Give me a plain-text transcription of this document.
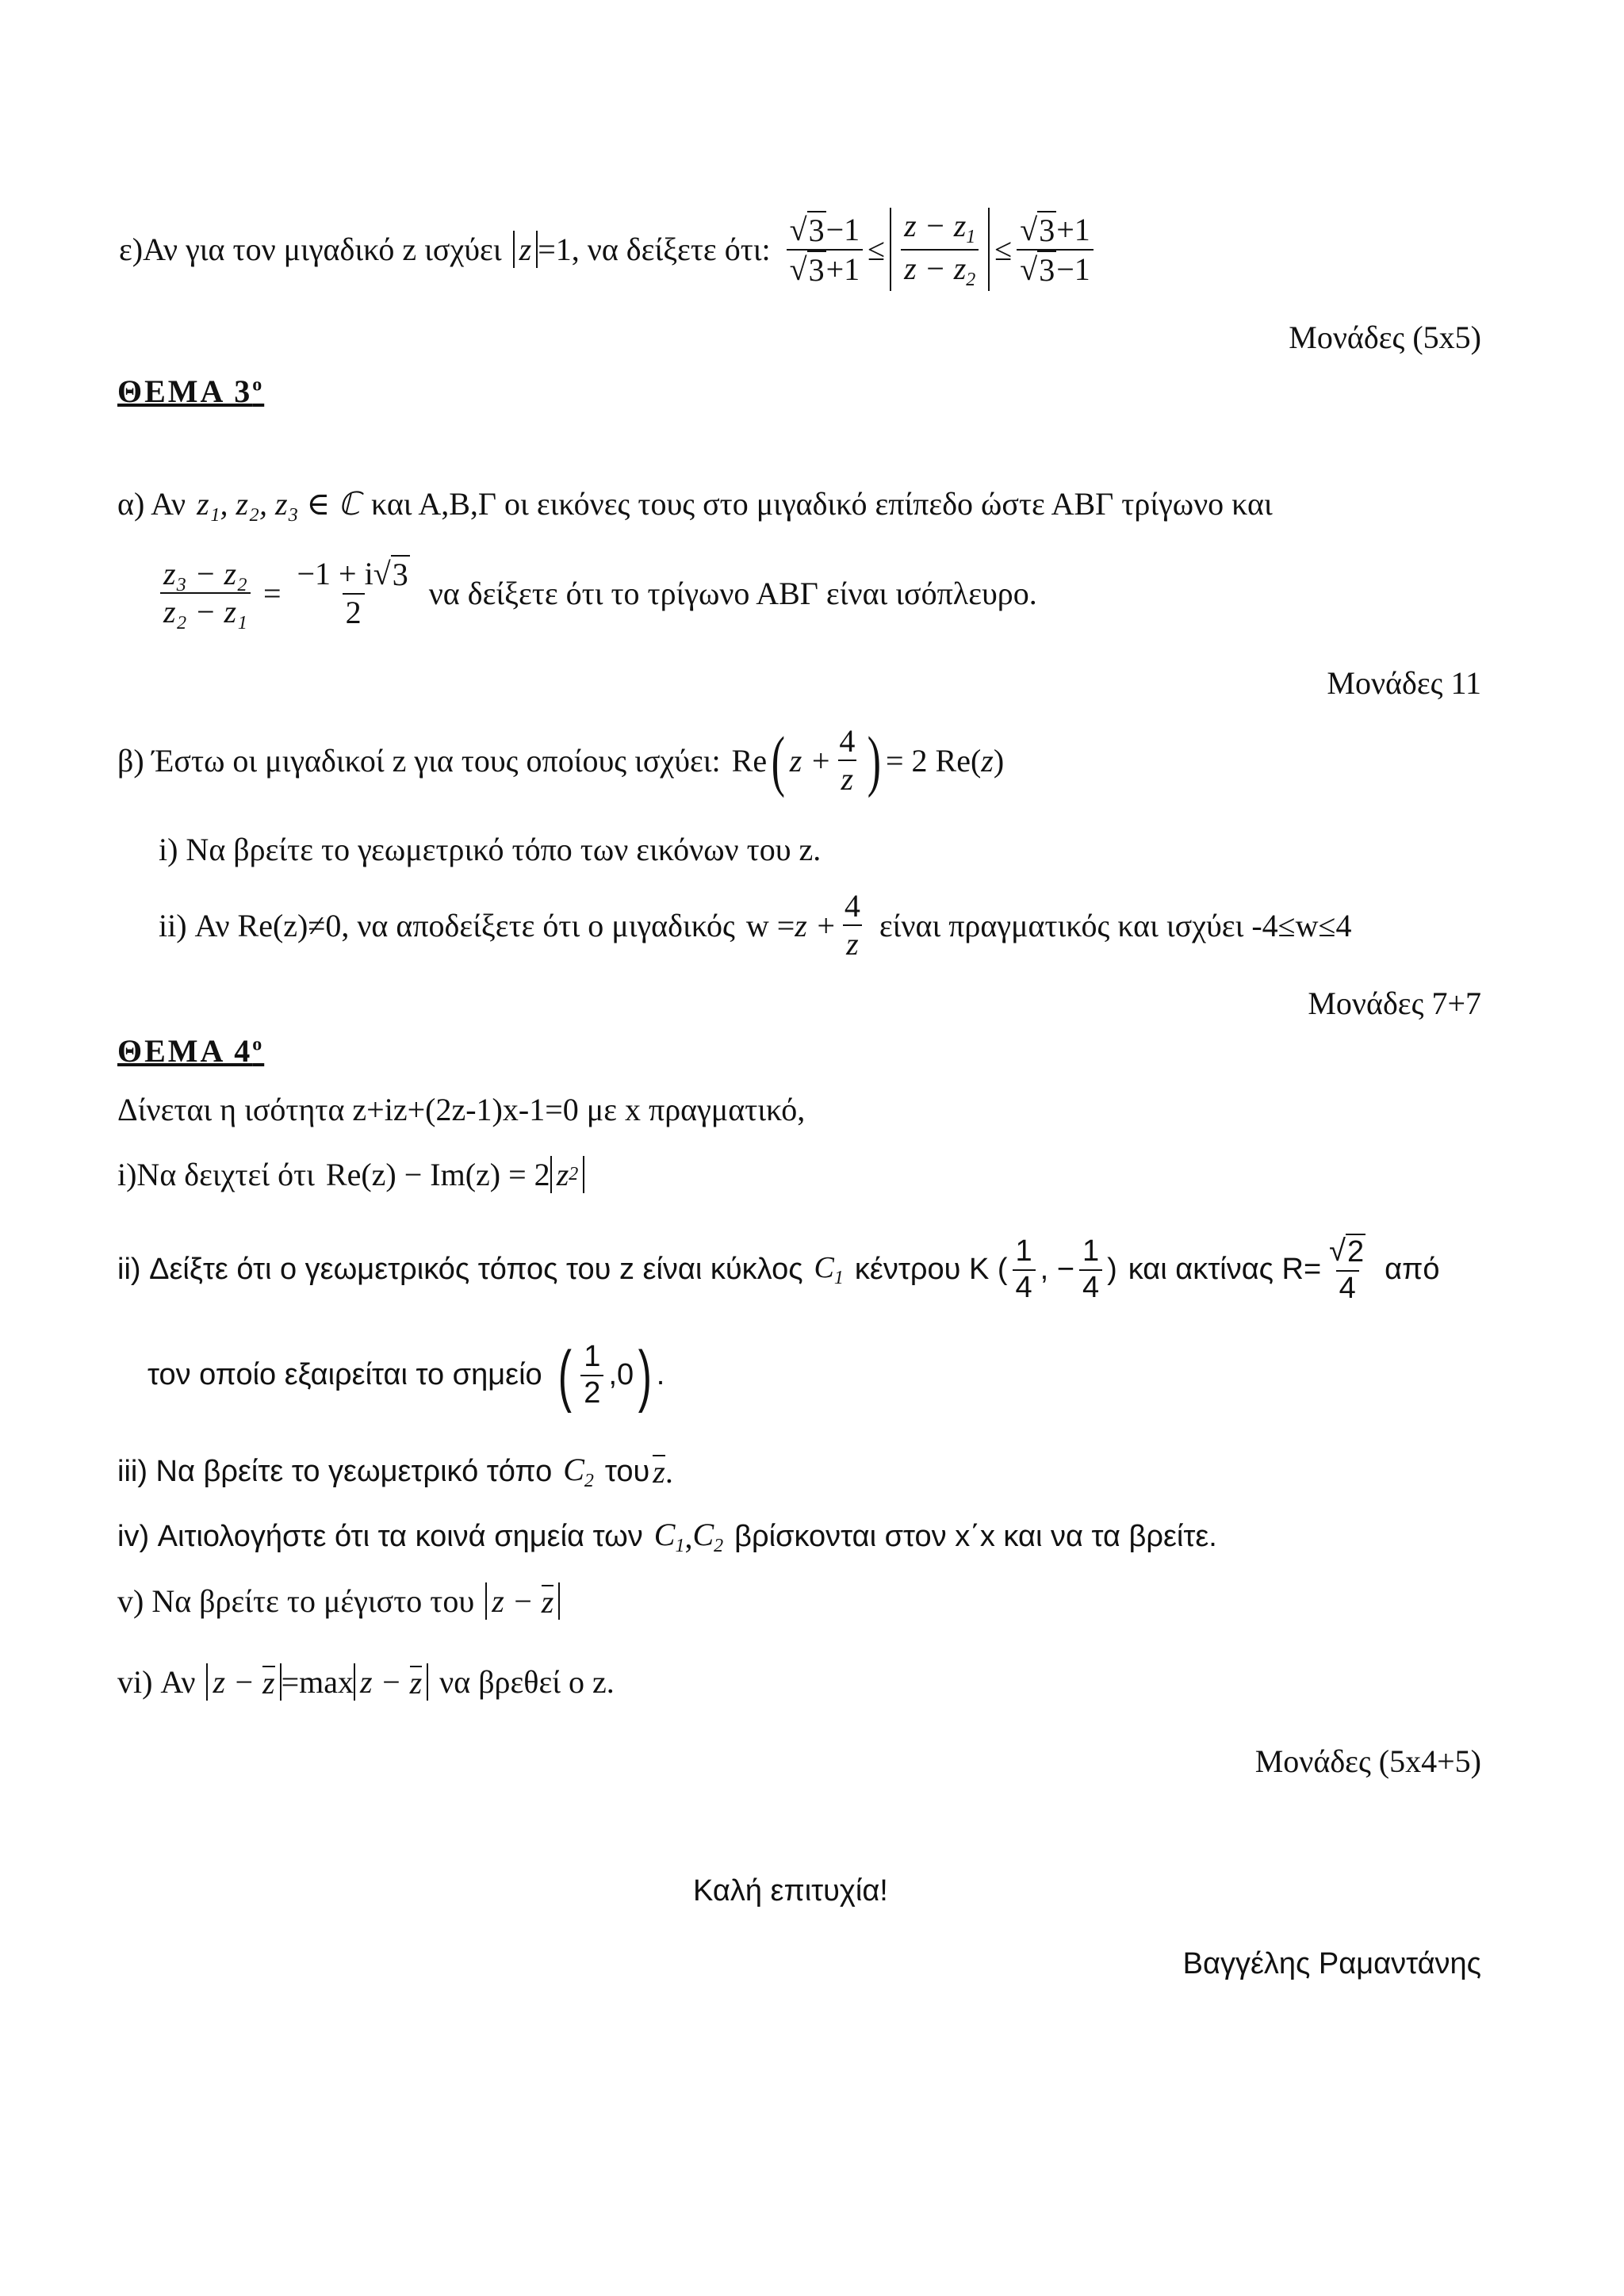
ε)Αν για τον μιγαδικό z ισχύει z =1 , να δείξετε ότι: $\frac{√ 3 -1}{√ 3 +1} \le \frac{z - z_1}{z - z_2} \le \frac{√ 3 +1}{√ 3 -1}$
Μονάδες (5x5)
ΘΕΜΑ $3^o$
α) Αν z₁, z₂, z₃ ∈ ℂ και Α,Β,Γ οι εικόνες τους στο μιγαδικό επίπεδο ώστε ΑΒΓ τρίγωνο και
$\frac{\text{z₃ − z₂}}{\text{z₂ − z₁}} = \frac{-1 + i √ 3}{2}$ να δείξετε ότι το τρίγωνο ΑΒΓ είναι ισόπλευρο.
Μονάδες 11
β) Έστω οι μιγαδικοί z για τους οποίους ισχύει: Re ( $z + \frac{4}{z}$ ) = 2 Re( z )
i) Να βρείτε το γεωμετρικό τόπο των εικόνων του z.
ii) Αν Re(z)≠0, να αποδείξετε ότι ο μιγαδικός $w = z + \frac{4}{z}$ είναι πραγματικός και ισχύει -4≤w≤4
Μονάδες 7+7
ΘΕΜΑ $4^o$
Δίνεται η ισότητα z+iz+(2z-1)x-1=0 με x πραγματικό,
i)Να δειχτεί ότι Re(z) − Im(z) = 2 z 2
ii) Δείξτε ότι ο γεωμετρικός τόπος του z είναι κύκλος $C_1$ κέντρου Κ ( $\frac{1}{4}$ , − $\frac{1}{4}$ ) και ακτίνας $R= \frac{√ 2}{4}$ από
τον οποίο εξαιρείται το σημείο ( $\frac{1}{2} ,0$ ) .
iii) Να βρείτε το γεωμετρικό τόπο $C_2$ του z .
iv) Αιτιολογήστε ότι τα κοινά σημεία των $C_1$ , $C_2$ βρίσκονται στον x΄x και να τα βρείτε.
v) Να βρείτε το μέγιστο του z −
z
vi) Αν z −
z =max z −
z να βρεθεί ο z.
Μονάδες (5x4+5)
Καλή επιτυχία!
Βαγγέλης Ραμαντάνης
